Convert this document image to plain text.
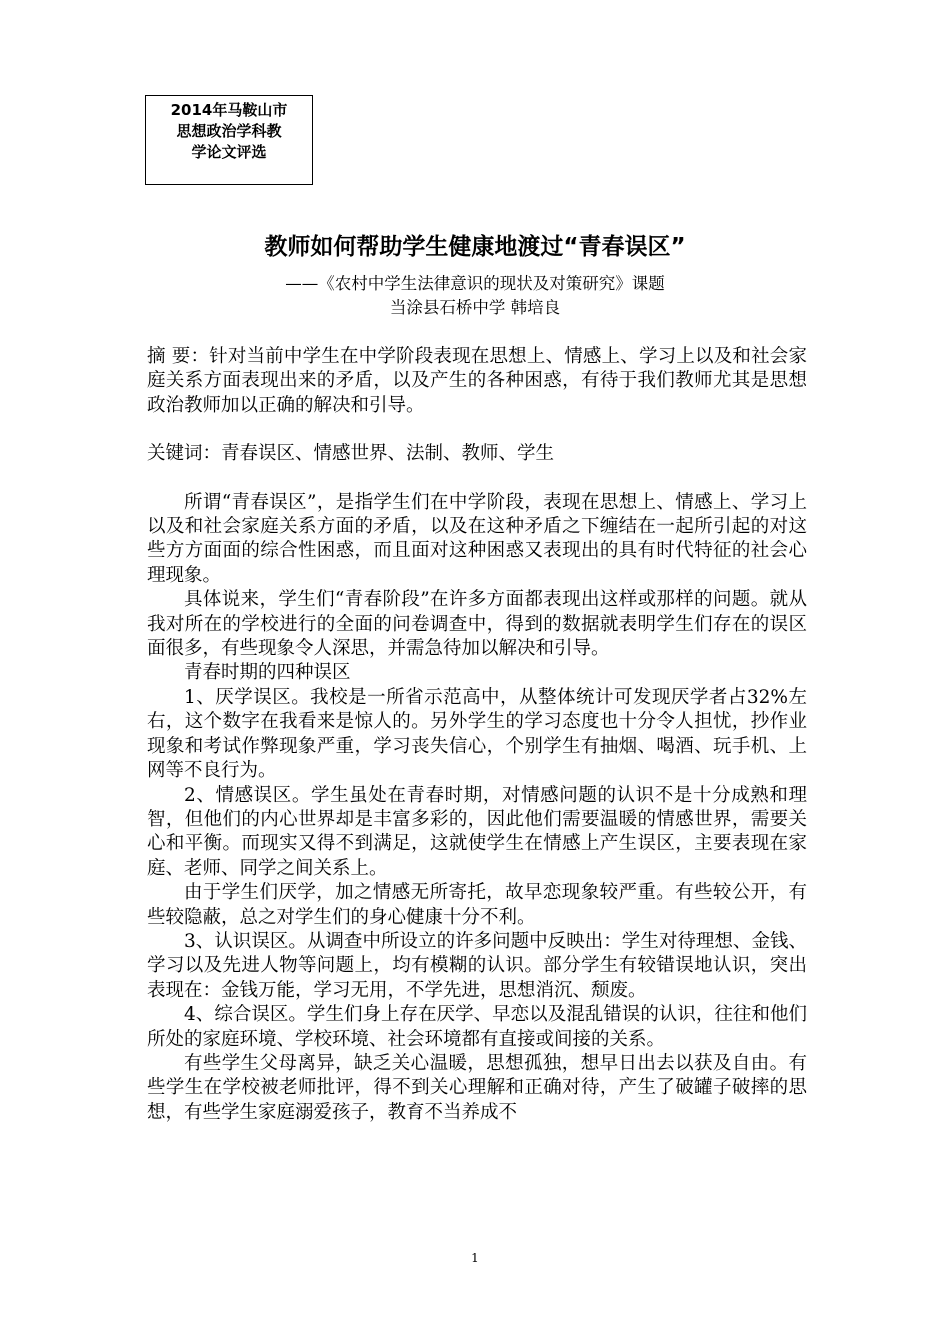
2014年马鞍山市
思想政治学科教
学论文评选
教师如何帮助学生健康地渡过“青春误区”
——《农村中学生法律意识的现状及对策研究》课题
当涂县石桥中学 韩培良

摘 要：针对当前中学生在中学阶段表现在思想上、情感上、学习上以及和社会家庭关系方面表现出来的矛盾，以及产生的各种困惑，有待于我们教师尤其是思想政治教师加以正确的解决和引导。

关键词：青春误区、情感世界、法制、教师、学生

所谓“青春误区”，是指学生们在中学阶段，表现在思想上、情感上、学习上以及和社会家庭关系方面的矛盾，以及在这种矛盾之下缠结在一起所引起的对这些方方面面的综合性困惑，而且面对这种困惑又表现出的具有时代特征的社会心理现象。

具体说来，学生们“青春阶段”在许多方面都表现出这样或那样的问题。就从我对所在的学校进行的全面的问卷调查中，得到的数据就表明学生们存在的误区面很多，有些现象令人深思，并需急待加以解决和引导。

青春时期的四种误区

1、厌学误区。我校是一所省示范高中，从整体统计可发现厌学者占32%左右，这个数字在我看来是惊人的。另外学生的学习态度也十分令人担忧，抄作业现象和考试作弊现象严重，学习丧失信心，个别学生有抽烟、喝酒、玩手机、上网等不良行为。

2、情感误区。学生虽处在青春时期，对情感问题的认识不是十分成熟和理智，但他们的内心世界却是丰富多彩的，因此他们需要温暖的情感世界，需要关心和平衡。而现实又得不到满足，这就使学生在情感上产生误区，主要表现在家庭、老师、同学之间关系上。

由于学生们厌学，加之情感无所寄托，故早恋现象较严重。有些较公开，有些较隐蔽，总之对学生们的身心健康十分不利。

3、认识误区。从调查中所设立的许多问题中反映出：学生对待理想、金钱、学习以及先进人物等问题上，均有模糊的认识。部分学生有较错误地认识，突出表现在：金钱万能，学习无用，不学先进，思想消沉、颓废。

4、综合误区。学生们身上存在厌学、早恋以及混乱错误的认识，往往和他们所处的家庭环境、学校环境、社会环境都有直接或间接的关系。

有些学生父母离异，缺乏关心温暖，思想孤独，想早日出去以获及自由。有些学生在学校被老师批评，得不到关心理解和正确对待，产生了破罐子破摔的思想，有些学生家庭溺爱孩子，教育不当养成不

1
